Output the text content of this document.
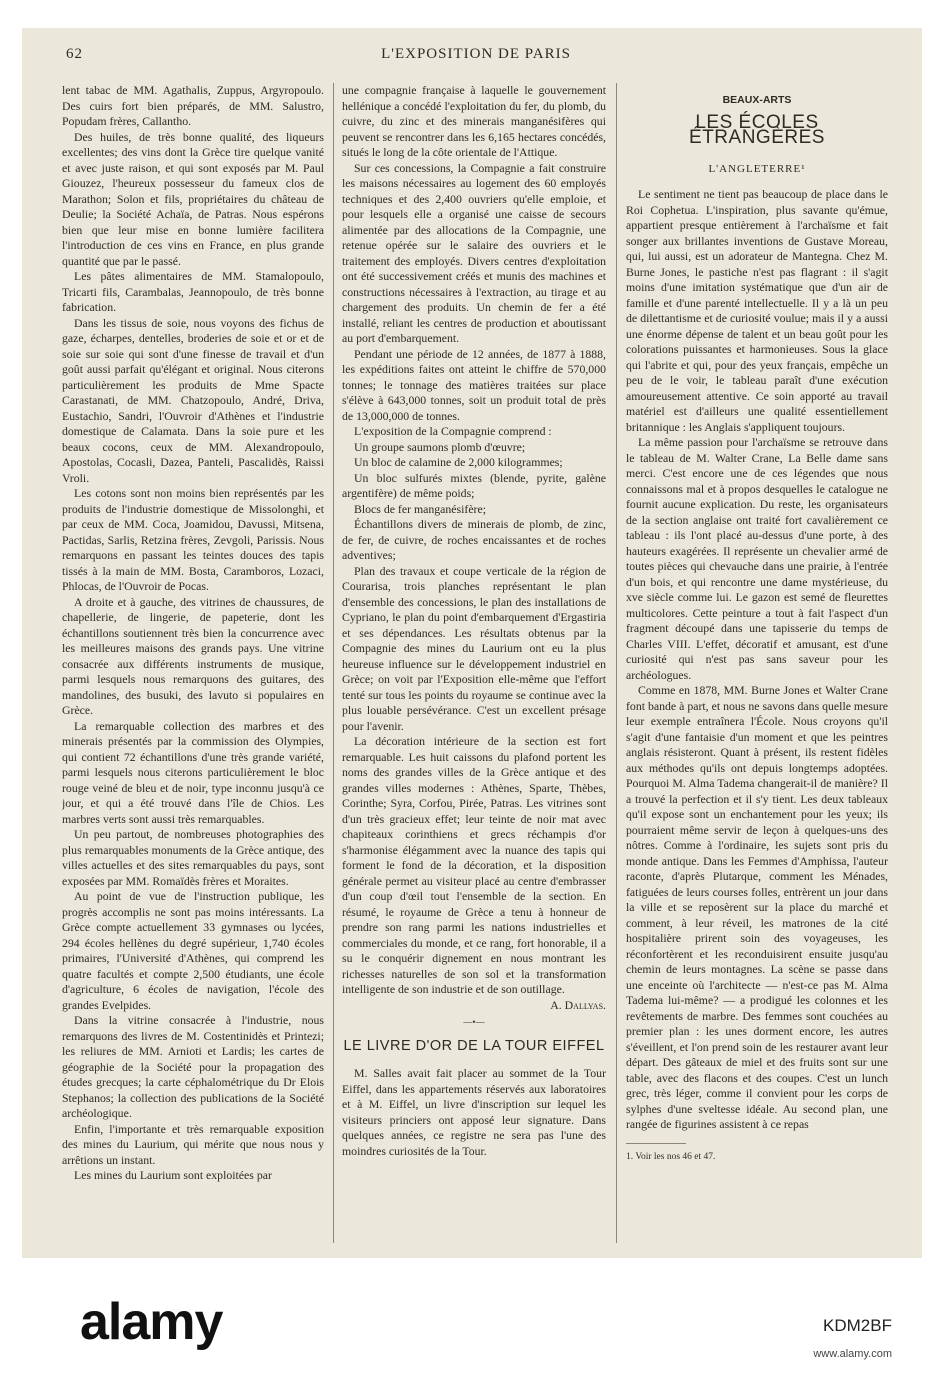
62	L'EXPOSITION DE PARIS

lent tabac de MM. Agathalis, Zuppus, Argyropoulo. Des cuirs fort bien préparés, de MM. Salustro, Popudam frères, Callantho.

Des huiles, de très bonne qualité, des liqueurs excellentes; des vins dont la Grèce tire quelque vanité et avec juste raison, et qui sont exposés par M. Paul Giouzez, l'heureux possesseur du fameux clos de Marathon; Solon et fils, propriétaires du château de Deulie; la Société Achaïa, de Patras. Nous espérons bien que leur mise en bonne lumière facilitera l'introduction de ces vins en France, en plus grande quantité que par le passé.

Les pâtes alimentaires de MM. Stamalopoulo, Tricarti fils, Carambalas, Jeannopoulo, de très bonne fabrication.

Dans les tissus de soie, nous voyons des fichus de gaze, écharpes, dentelles, broderies de soie et or et de soie sur soie qui sont d'une finesse de travail et d'un goût aussi parfait qu'élégant et original. Nous citerons particulièrement les produits de Mme Spacte Carastanati, de MM. Chatzopoulo, André, Driva, Eustachio, Sandri, l'Ouvroir d'Athènes et l'industrie domestique de Calamata. Dans la soie pure et les beaux cocons, ceux de MM. Alexandropoulo, Apostolas, Cocasli, Dazea, Panteli, Pascalidès, Raissi Vroli.

Les cotons sont non moins bien représentés par les produits de l'industrie domestique de Missolonghi, et par ceux de MM. Coca, Joamidou, Davussi, Mitsena, Pactidas, Sarlis, Retzina frères, Zevgoli, Parissis. Nous remarquons en passant les teintes douces des tapis tissés à la main de MM. Bosta, Caramboros, Lozaci, Phlocas, de l'Ouvroir de Pocas.

A droite et à gauche, des vitrines de chaussures, de chapellerie, de lingerie, de papeterie, dont les échantillons soutiennent très bien la concurrence avec les meilleures maisons des grands pays. Une vitrine consacrée aux différents instruments de musique, parmi lesquels nous remarquons des guitares, des mandolines, des busuki, des lavuto si populaires en Grèce.

La remarquable collection des marbres et des minerais présentés par la commission des Olympies, qui contient 72 échantillons d'une très grande variété, parmi lesquels nous citerons particulièrement le bloc rouge veiné de bleu et de noir, type inconnu jusqu'à ce jour, et qui a été trouvé dans l'île de Chios. Les marbres verts sont aussi très remarquables.

Un peu partout, de nombreuses photographies des plus remarquables monuments de la Grèce antique, des villes actuelles et des sites remarquables du pays, sont exposées par MM. Romaïdès frères et Moraites.

Au point de vue de l'instruction publique, les progrès accomplis ne sont pas moins intéressants. La Grèce compte actuellement 33 gymnases ou lycées, 294 écoles hellènes du degré supérieur, 1,740 écoles primaires, l'Université d'Athènes, qui comprend les quatre facultés et compte 2,500 étudiants, une école d'agriculture, 6 écoles de navigation, l'école des grandes Evelpides.

Dans la vitrine consacrée à l'industrie, nous remarquons des livres de M. Costentinidès et Printezi; les reliures de MM. Arnioti et Lardis; les cartes de géographie de la Société pour la propagation des études grecques; la carte céphalométrique du Dr Elois Stephanos; la collection des publications de la Société archéologique.

Enfin, l'importante et très remarquable exposition des mines du Laurium, qui mérite que nous nous y arrêtions un instant.

Les mines du Laurium sont exploitées par

une compagnie française à laquelle le gouvernement hellénique a concédé l'exploitation du fer, du plomb, du cuivre, du zinc et des minerais manganésifères qui peuvent se rencontrer dans les 6,165 hectares concédés, situés le long de la côte orientale de l'Attique.

Sur ces concessions, la Compagnie a fait construire les maisons nécessaires au logement des 60 employés techniques et des 2,400 ouvriers qu'elle emploie, et pour lesquels elle a organisé une caisse de secours alimentée par des allocations de la Compagnie, une retenue opérée sur le salaire des ouvriers et le traitement des employés. Divers centres d'exploitation ont été successivement créés et munis des machines et constructions nécessaires à l'extraction, au tirage et au chargement des produits. Un chemin de fer a été installé, reliant les centres de production et aboutissant au port d'embarquement.

Pendant une période de 12 années, de 1877 à 1888, les expéditions faites ont atteint le chiffre de 570,000 tonnes; le tonnage des matières traitées sur place s'élève à 643,000 tonnes, soit un produit total de près de 13,000,000 de tonnes.

L'exposition de la Compagnie comprend :

Un groupe saumons plomb d'œuvre;

Un bloc de calamine de 2,000 kilogrammes;

Un bloc sulfurés mixtes (blende, pyrite, galène argentifère) de même poids;

Blocs de fer manganésifère;

Échantillons divers de minerais de plomb, de zinc, de fer, de cuivre, de roches encaissantes et de roches adventives;

Plan des travaux et coupe verticale de la région de Courarisa, trois planches représentant le plan d'ensemble des concessions, le plan des installations de Cypriano, le plan du point d'embarquement d'Ergastiria et ses dépendances. Les résultats obtenus par la Compagnie des mines du Laurium ont eu la plus heureuse influence sur le développement industriel en Grèce; on voit par l'Exposition elle-même que l'effort tenté sur tous les points du royaume se continue avec la plus louable persévérance. C'est un excellent présage pour l'avenir.

La décoration intérieure de la section est fort remarquable. Les huit caissons du plafond portent les noms des grandes villes de la Grèce antique et des grandes villes modernes : Athènes, Sparte, Thèbes, Corinthe; Syra, Corfou, Pirée, Patras. Les vitrines sont d'un très gracieux effet; leur teinte de noir mat avec chapiteaux corinthiens et grecs réchampis d'or s'harmonise élégamment avec la nuance des tapis qui forment le fond de la décoration, et la disposition générale permet au visiteur placé au centre d'embrasser d'un coup d'œil tout l'ensemble de la section. En résumé, le royaume de Grèce a tenu à honneur de prendre son rang parmi les nations industrielles et commerciales du monde, et ce rang, fort honorable, il a su le conquérir dignement en nous montrant les richesses naturelles de son sol et la transformation intelligente de son industrie et de son outillage.

A. Dallyas.

—•—
LE LIVRE D'OR DE LA TOUR EIFFEL

M. Salles avait fait placer au sommet de la Tour Eiffel, dans les appartements réservés aux laboratoires et à M. Eiffel, un livre d'inscription sur lequel les visiteurs princiers ont apposé leur signature. Dans quelques années, ce registre ne sera pas l'une des moindres curiosités de la Tour.

BEAUX-ARTS
LES ÉCOLES ÉTRANGÈRES
L'ANGLETERRE¹

Le sentiment ne tient pas beaucoup de place dans le Roi Cophetua. L'inspiration, plus savante qu'émue, appartient presque entièrement à l'archaïsme et fait songer aux brillantes inventions de Gustave Moreau, qui, lui aussi, est un adorateur de Mantegna. Chez M. Burne Jones, le pastiche n'est pas flagrant : il s'agit moins d'une imitation systématique que d'un air de famille et d'une parenté intellectuelle. Il y a là un peu de dilettantisme et de curiosité voulue; mais il y a aussi une énorme dépense de talent et un beau goût pour les colorations puissantes et harmonieuses. Sous la glace qui l'abrite et qui, pour des yeux français, empêche un peu de le voir, le tableau paraît d'une exécution amoureusement attentive. Ce soin apporté au travail matériel est d'ailleurs une qualité essentiellement britannique : les Anglais s'appliquent toujours.

La même passion pour l'archaïsme se retrouve dans le tableau de M. Walter Crane, La Belle dame sans merci. C'est encore une de ces légendes que nous connaissons mal et à propos desquelles le catalogue ne fournit aucune explication. Du reste, les organisateurs de la section anglaise ont traité fort cavalièrement ce tableau : ils l'ont placé au-dessus d'une porte, à des hauteurs exagérées. Il représente un chevalier armé de toutes pièces qui chevauche dans une prairie, à l'entrée d'un bois, et qui rencontre une dame mystérieuse, du xve siècle comme lui. Le gazon est semé de fleurettes multicolores. Cette peinture a tout à fait l'aspect d'un fragment découpé dans une tapisserie du temps de Charles VIII. L'effet, décoratif et amusant, est d'une curiosité qui n'est pas sans saveur pour les archéologues.

Comme en 1878, MM. Burne Jones et Walter Crane font bande à part, et nous ne savons dans quelle mesure leur exemple entraînera l'École. Nous croyons qu'il s'agit d'une fantaisie d'un moment et que les peintres anglais résisteront. Quant à présent, ils restent fidèles aux méthodes qu'ils ont depuis longtemps adoptées. Pourquoi M. Alma Tadema changerait-il de manière? Il a trouvé la perfection et il s'y tient. Les deux tableaux qu'il expose sont un enchantement pour les yeux; ils pourraient même servir de leçon à quelques-uns des nôtres. Comme à l'ordinaire, les sujets sont pris du monde antique. Dans les Femmes d'Amphissa, l'auteur raconte, d'après Plutarque, comment les Ménades, fatiguées de leurs courses folles, entrèrent un jour dans la ville et se reposèrent sur la place du marché et comment, à leur réveil, les matrones de la cité hospitalière prirent soin des voyageuses, les réconfortèrent et les reconduisirent ensuite jusqu'au chemin de leurs montagnes. La scène se passe dans une enceinte où l'architecte — n'est-ce pas M. Alma Tadema lui-même? — a prodigué les colonnes et les revêtements de marbre. Des femmes sont couchées au premier plan : les unes dorment encore, les autres s'éveillent, et l'on prend soin de les restaurer avant leur départ. Des gâteaux de miel et des fruits sont sur une table, avec des flacons et des coupes. C'est un lunch grec, très léger, comme il convient pour les corps de sylphes d'une sveltesse idéale. Au second plan, une rangée de figurines assistent à ce repas

1. Voir les nos 46 et 47.
alamy	KDM2BF
www.alamy.com
